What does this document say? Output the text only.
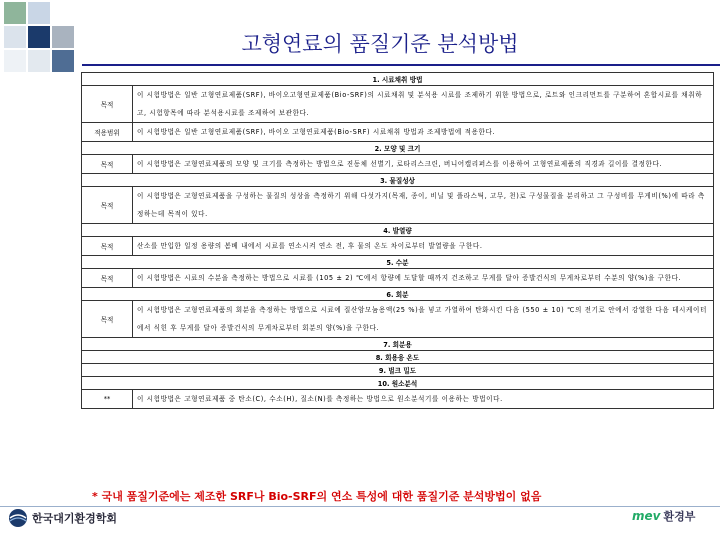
고형연료의 품질기준 분석방법
1. 시료채취 방법	
목적	이 시험방법은 일반 고형연료제품(SRF), 바이오고형연료제품(Bio-SRF)의 시료채취 및 분석용 시료를 조제하기 위한 방법으로, 로트와 인크리먼트를 구분하여 혼합시료를 채취하고, 시험항목에 따라 분석용시료를 조제하여 보관한다.
적용범위	이 시험방법은 일반 고형연료제품(SRF), 바이오 고형연료제품(Bio-SRF) 시료채취 방법과 조제방법에 적용한다.
2. 모양 및 크기	
목적	이 시험방법은 고형연료제품의 모양 및 크기를 측정하는 방법으로 진동체 선별기, 로타리스크린, 버니어캘리퍼스를 이용하여 고형연료제품의 직경과 길이를 결정한다.
3. 물질성상	
목적	이 시험방법은 고형연료제품을 구성하는 물질의 성상을 측정하기 위해 다섯가지(목재, 종이, 비닐 및 플라스틱, 고무, 천)로 구성물질을 분리하고 그 구성비를 무게비(%)에 따라 측정하는데 목적이 있다.
4. 발열량	
목적	산소를 만입한 일정 용량의 봄베 내에서 시료를 연소시켜 연소 전, 후 물의 온도 차이로부터 발열량을 구한다.
5. 수분	
목적	이 시험방법은 시료의 수분을 측정하는 방법으로 시료를 (105 ± 2) ℃에서 항량에 도달할 때까지 건조하고 무게를 달아 증발건식의 무게차로부터 수분의 양(%)을 구한다.
6. 회분	
목적	이 시험방법은 고형연료제품의 회분을 측정하는 방법으로 시료에 질산암모늄용액(25 %)을 넣고 가열하여 탄화시킨 다음 (550 ± 10) ℃의 전기로 안에서 강열한 다음 데시케이터에서 식힌 후 무게를 달아 증발건식의 무게차로부터 회분의 양(%)을 구한다.
7. 회분용	
8. 회용융 온도	
9. 벌크 밀도	
10. 원소분석	
**	이 시험방법은 고형연료제품 중 탄소(C), 수소(H), 질소(N)를 측정하는 방법으로 원소분석기를 이용하는 방법이다.
* 국내 품질기준에는 제조한 SRF나 Bio-SRF의 연소 특성에 대한 품질기준 분석방법이 없음
한국대기환경학회	mev 환경부
